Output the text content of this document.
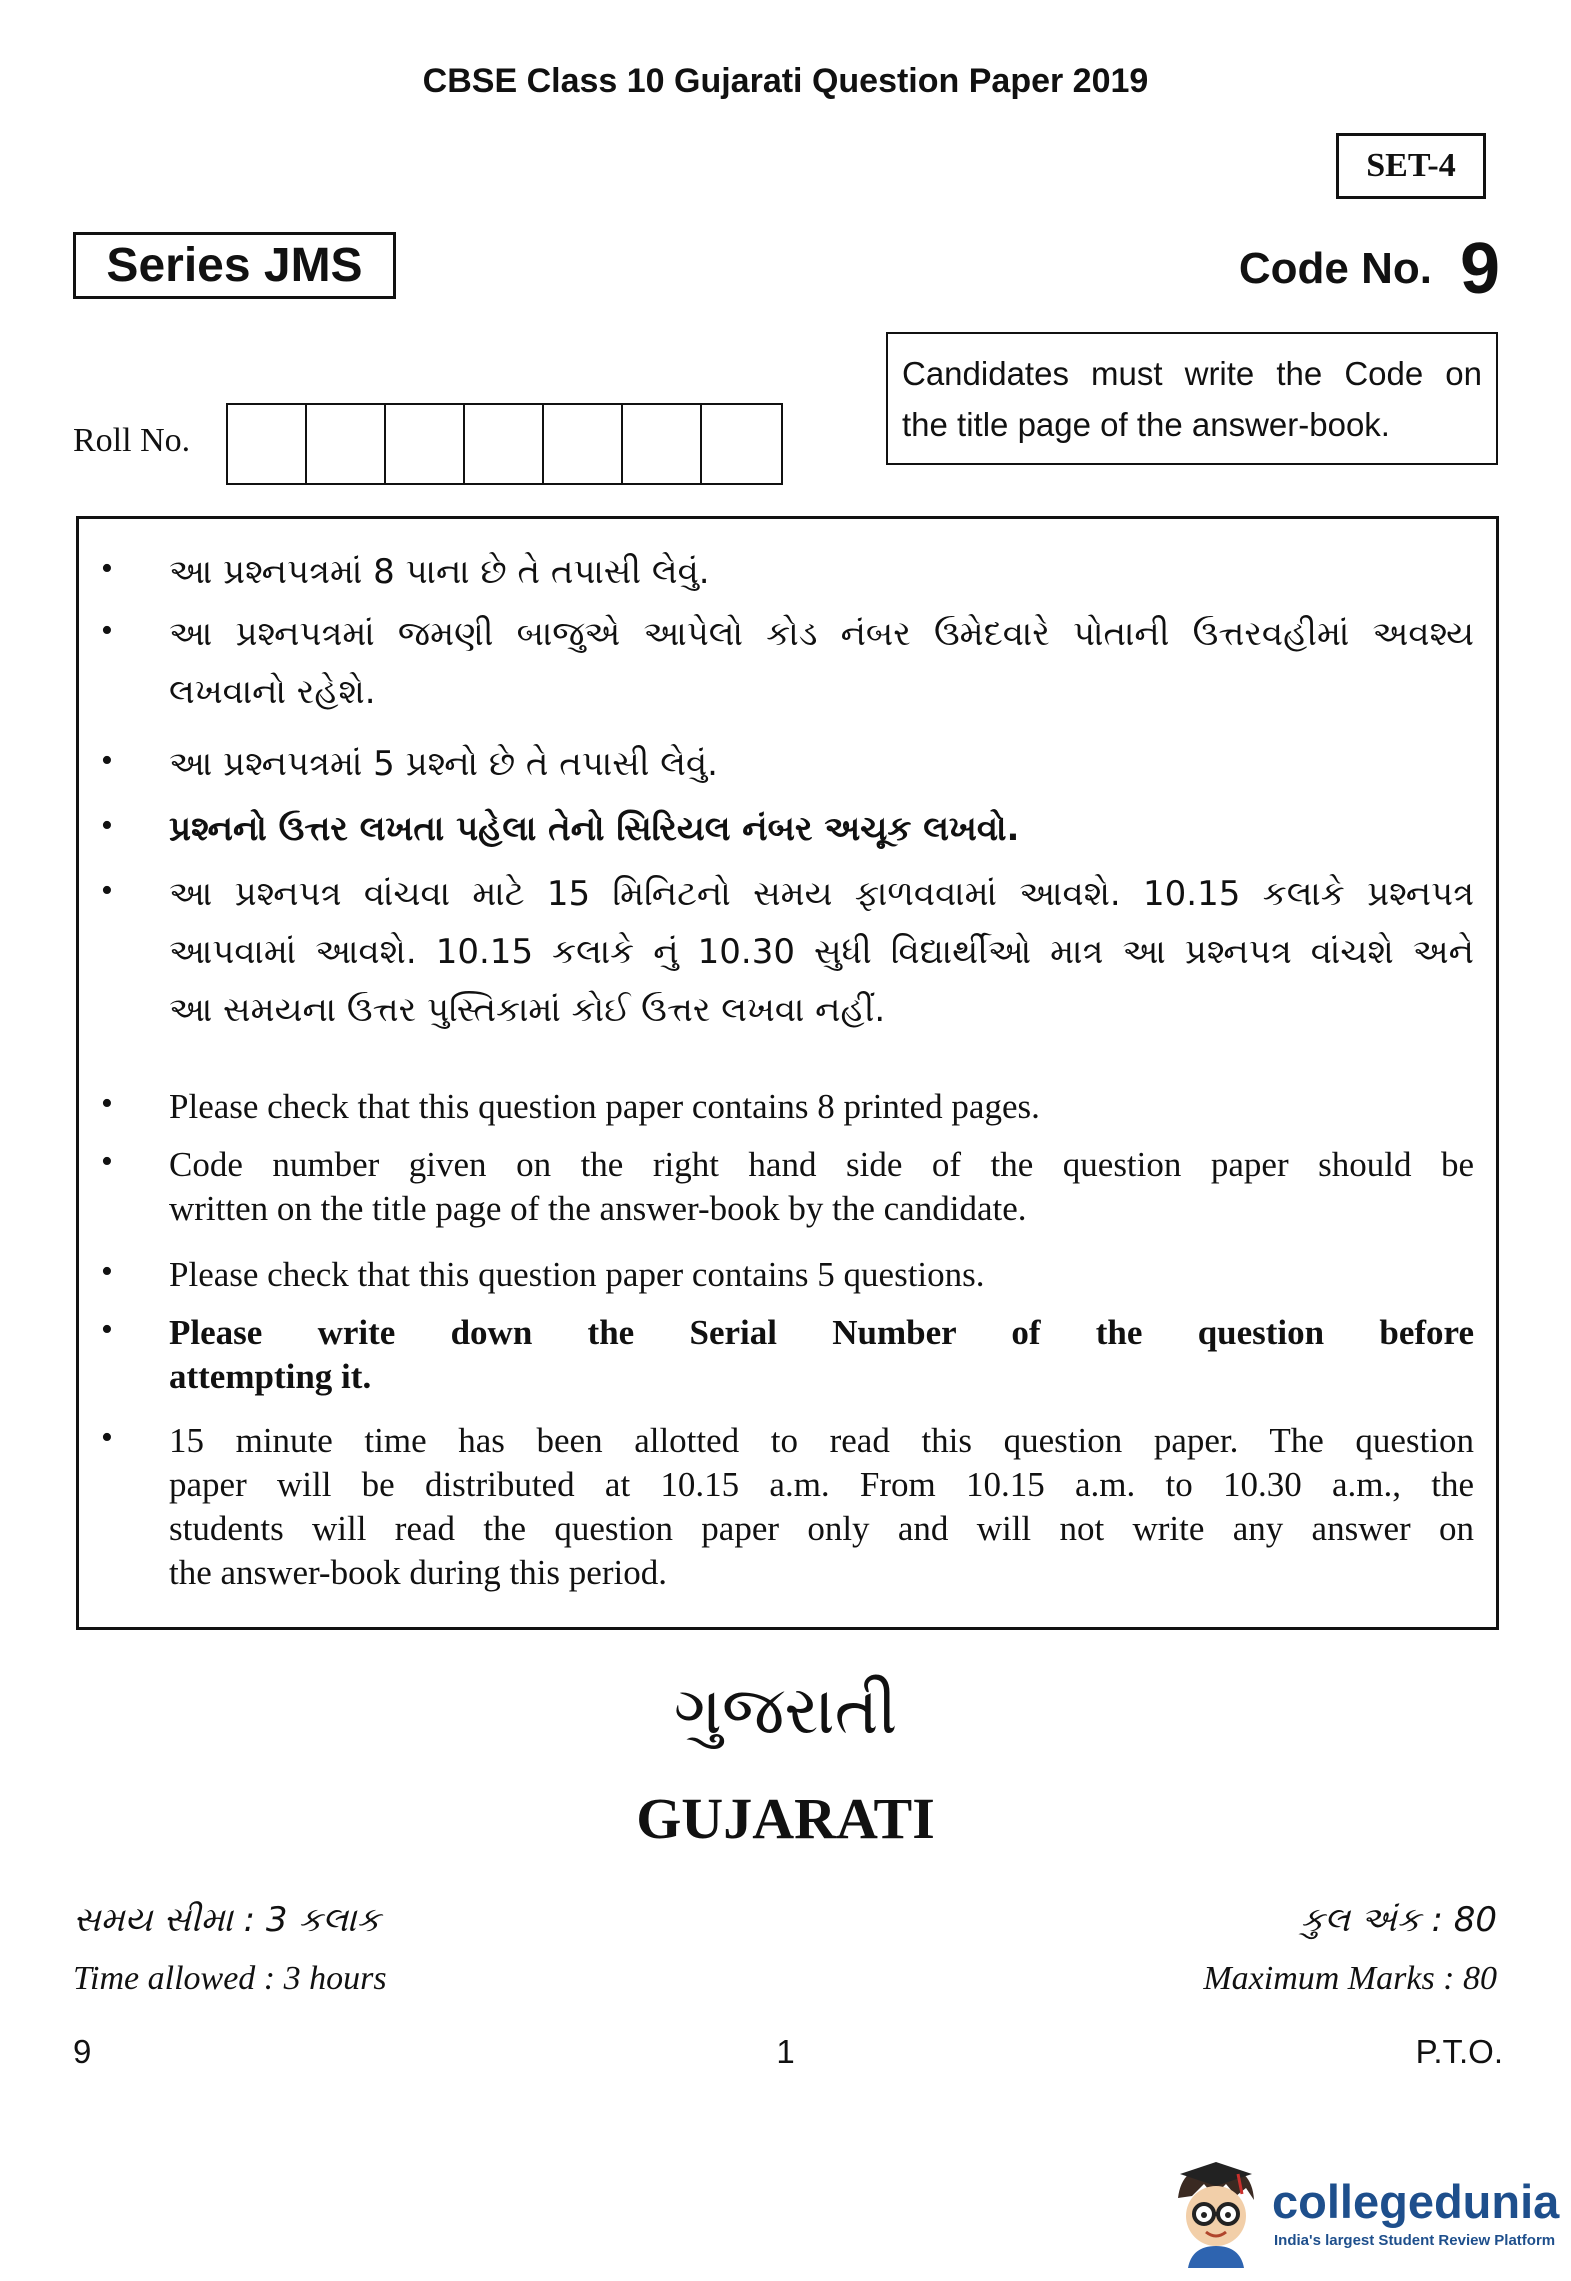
CBSE Class 10 Gujarati Question Paper 2019
SET-4
Series JMS	Code No. 9
Candidates must write the Code on
the title page of the answer-book.
Roll No.
• આ પ્રશ્નપત્રમાં 8 પાના છે તે તપાસી લેવું.
• આ પ્રશ્નપત્રમાં જમણી બાજુએ આપેલો કોડ નંબર ઉમેદવારે પોતાની ઉત્તરવહીમાં અવશ્ય
લખવાનો રહેશે.
• આ પ્રશ્નપત્રમાં 5 પ્રશ્નો છે તે તપાસી લેવું.
• પ્રશ્નનો ઉત્તર લખતા પહેલા તેનો સિરિયલ નંબર અચૂક લખવો.
• આ પ્રશ્નપત્ર વાંચવા માટે 15 મિનિટનો સમય ફાળવવામાં આવશે. 10.15 કલાકે પ્રશ્નપત્ર
આપવામાં આવશે. 10.15 કલાકે નું 10.30 સુધી વિદ્યાર્થીઓ માત્ર આ પ્રશ્નપત્ર વાંચશે અને
આ સમયના ઉત્તર પુસ્તિકામાં કોઈ ઉત્તર લખવા નહીં.
• Please check that this question paper contains 8 printed pages.
• Code number given on the right hand side of the question paper should be
written on the title page of the answer-book by the candidate.
• Please check that this question paper contains 5 questions.
• Please write down the Serial Number of the question before
attempting it.
• 15 minute time has been allotted to read this question paper. The question
paper will be distributed at 10.15 a.m. From 10.15 a.m. to 10.30 a.m., the
students will read the question paper only and will not write any answer on
the answer-book during this period.
ગુજરાતી
GUJARATI
સમય સીમા : 3 કલાક	કુલ અંક : 80
Time allowed : 3 hours	Maximum Marks : 80
9	1	P.T.O.
collegedunia
India's largest Student Review Platform
